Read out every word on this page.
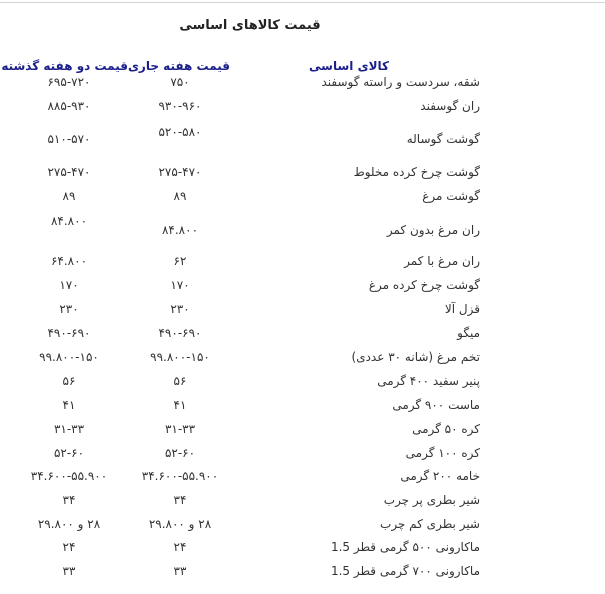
قیمت کالاهای اساسی
کالای اساسی
قیمت هفته جاری
قیمت دو هفته گذشته
شقه، سردست و راسته گوسفند
۷۵۰
۶۹۵-۷۲۰
ران گوسفند
۹۳۰-۹۶۰
۸۸۵-۹۳۰
گوشت گوساله
۵۲۰-۵۸۰
۵۱۰-۵۷۰
گوشت چرخ کرده مخلوط
۲۷۵-۴۷۰
۲۷۵-۴۷۰
گوشت مرغ
۸۹
۸۹
ران مرغ بدون کمر
۸۴.۸۰۰
۸۴.۸۰۰
ران مرغ با کمر
۶۲
۶۴.۸۰۰
گوشت چرخ کرده مرغ
۱۷۰
۱۷۰
قزل آلا
۲۳۰
۲۳۰
میگو
۴۹۰-۶۹۰
۴۹۰-۶۹۰
تخم مرغ (شانه ۳۰ عددی)
۹۹.۸۰۰-۱۵۰
۹۹.۸۰۰-۱۵۰
پنیر سفید ۴۰۰ گرمی
۵۶
۵۶
ماست ۹۰۰ گرمی
۴۱
۴۱
کره ۵۰ گرمی
۳۱-۳۳
۳۱-۳۳
کره ۱۰۰ گرمی
۵۲-۶۰
۵۲-۶۰
خامه ۲۰۰ گرمی
۳۴.۶۰۰-۵۵.۹۰۰
۳۴.۶۰۰-۵۵.۹۰۰
شیر بطری پر چرب
۳۴
۳۴
شیر بطری کم چرب
۲۸ و ۲۹.۸۰۰
۲۸ و ۲۹.۸۰۰
ماکارونی ۵۰۰ گرمی قطر 1.5
۲۴
۲۴
ماکارونی ۷۰۰ گرمی قطر 1.5
۳۳
۳۳
